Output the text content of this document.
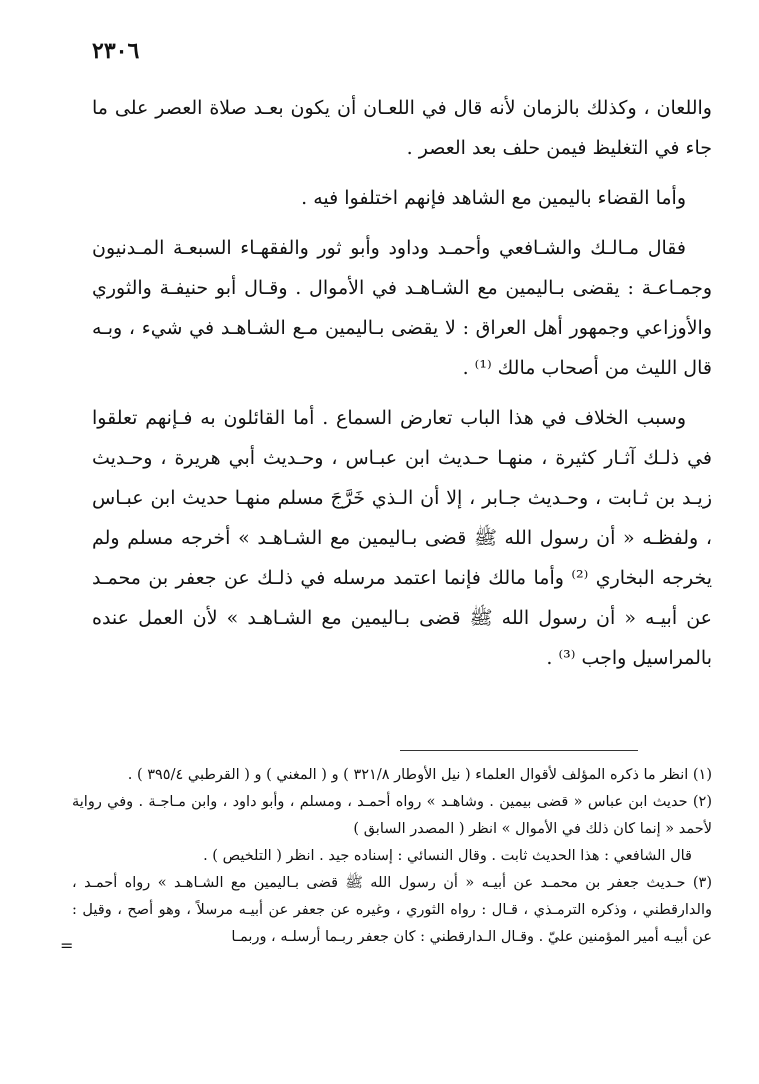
٢٣٠٦

واللعان ، وكذلك بالزمان لأنه قال في اللعـان أن يكون بعـد صلاة العصر على ما جاء في التغليظ فيمن حلف بعد العصر .

وأما القضاء باليمين مع الشاهد فإنهم اختلفوا فيه .

فقال مـالـك والشـافعي وأحمـد وداود وأبو ثور والفقهـاء السبعـة المـدنيون وجمـاعـة : يقضى بـاليمين مع الشـاهـد في الأموال . وقـال أبو حنيفـة والثوري والأوزاعي وجمهور أهل العراق : لا يقضى بـاليمين مـع الشـاهـد في شيء ، وبـه قال الليث من أصحاب مالك ⁽¹⁾ .

وسبب الخلاف في هذا الباب تعارض السماع . أما القائلون به فـإنهم تعلقوا في ذلـك آثـار كثيرة ، منهـا حـديث ابن عبـاس ، وحـديث أبي هريرة ، وحـديث زيـد بن ثـابت ، وحـديث جـابر ، إلا أن الـذي خَرَّجَ مسلم منهـا حديث ابن عبـاس ، ولفظـه « أن رسول الله ﷺ قضى بـاليمين مع الشـاهـد » أخرجه مسلم ولم يخرجه البخاري ⁽²⁾ وأما مالك فإنما اعتمد مرسله في ذلـك عن جعفر بن محمـد عن أبيـه « أن رسول الله ﷺ قضى بـاليمين مع الشـاهـد » لأن العمل عنده بالمراسيل واجب ⁽³⁾ .

(١) انظر ما ذكره المؤلف لأقوال العلماء ( نيل الأوطار ٣٢١/٨ ) و ( المغني ) و ( القرطبي ٣٩٥/٤ ) .

(٢) حديث ابن عباس « قضى بيمين . وشاهـد » رواه أحمـد ، ومسلم ، وأبو داود ، وابن مـاجـة . وفي رواية لأحمد « إنما كان ذلك في الأموال » انظر ( المصدر السابق )

قال الشافعي : هذا الحديث ثابت . وقال النسائي : إسناده جيد . انظر ( التلخيص ) .

(٣) حـديث جعفر بن محمـد عن أبيـه « أن رسول الله ﷺ قضى بـاليمين مع الشـاهـد » رواه أحمـد ، والدارقطني ، وذكره الترمـذي ، قـال : رواه الثوري ، وغيره عن جعفر عن أبيـه مرسلاً ، وهو أصح ، وقيل : عن أبيـه أمير المؤمنين عليّ . وقـال الـدارقطني : كان جعفر ربـما أرسلـه ، وربمـا

=
